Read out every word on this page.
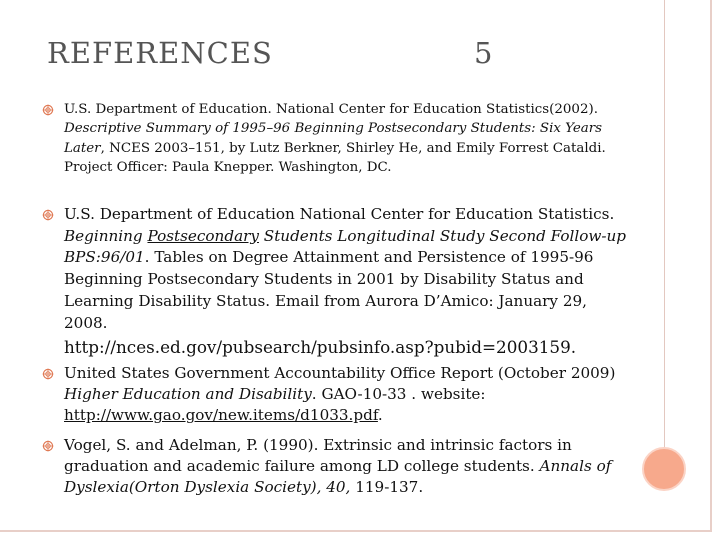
REFERENCES	5
U.S. Department of Education. National Center for Education Statistics(2002). Descriptive Summary of 1995–96 Beginning Postsecondary Students: Six Years Later, NCES 2003–151, by Lutz Berkner, Shirley He, and Emily Forrest Cataldi. Project Officer: Paula Knepper. Washington, DC.
U.S. Department of Education National Center for Education Statistics. Beginning Postsecondary Students Longitudinal Study Second Follow-up BPS:96/01. Tables on Degree Attainment and Persistence of 1995-96 Beginning Postsecondary Students in 2001 by Disability Status and Learning Disability Status. Email from Aurora D’Amico: January 29, 2008.
http://nces.ed.gov/pubsearch/pubsinfo.asp?pubid=2003159.
United States Government Accountability Office Report (October 2009) Higher Education and Disability. GAO-10-33 . website: http://www.gao.gov/new.items/d1033.pdf.
Vogel, S. and Adelman, P. (1990). Extrinsic and intrinsic factors in graduation and academic failure among LD college students. Annals of Dyslexia(Orton Dyslexia Society), 40, 119-137.
